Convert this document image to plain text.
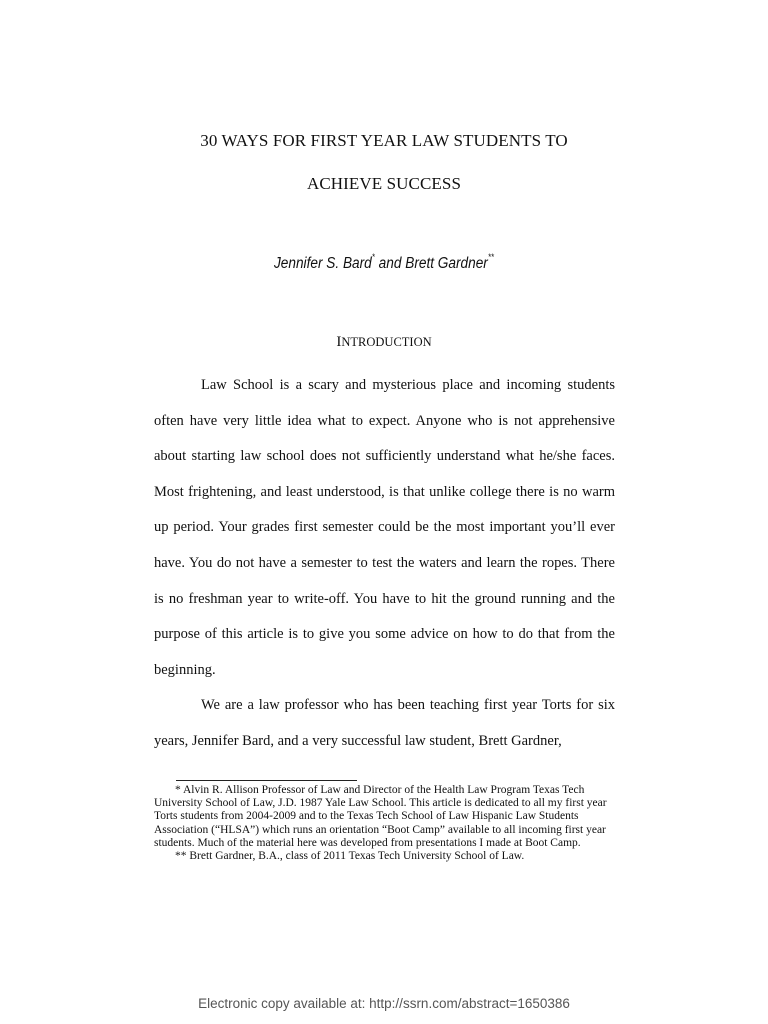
30 WAYS FOR FIRST YEAR LAW STUDENTS TO
ACHIEVE SUCCESS
Jennifer S. Bard* and Brett Gardner**
INTRODUCTION

Law School is a scary and mysterious place and incoming students often have very little idea what to expect. Anyone who is not apprehensive about starting law school does not sufficiently understand what he/she faces. Most frightening, and least understood, is that unlike college there is no warm up period. Your grades first semester could be the most important you’ll ever have. You do not have a semester to test the waters and learn the ropes. There is no freshman year to write-off. You have to hit the ground running and the purpose of this article is to give you some advice on how to do that from the beginning.

We are a law professor who has been teaching first year Torts for six years, Jennifer Bard, and a very successful law student, Brett Gardner,

* Alvin R. Allison Professor of Law and Director of the Health Law Program Texas Tech University School of Law, J.D. 1987 Yale Law School. This article is dedicated to all my first year Torts students from 2004-2009 and to the Texas Tech School of Law Hispanic Law Students Association (“HLSA”) which runs an orientation “Boot Camp” available to all incoming first year students. Much of the material here was developed from presentations I made at Boot Camp.

** Brett Gardner, B.A., class of 2011 Texas Tech University School of Law.

Electronic copy available at: http://ssrn.com/abstract=1650386
